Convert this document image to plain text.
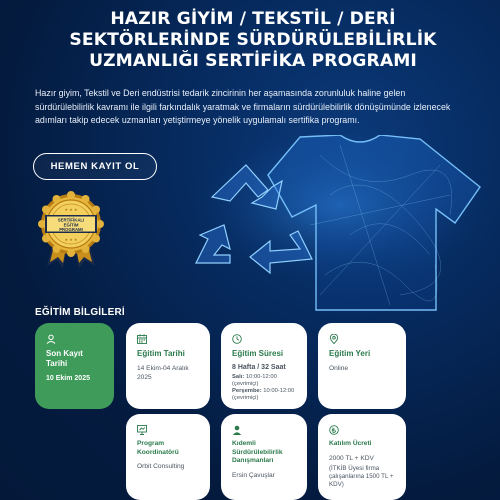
HAZIR GİYİM / TEKSTİL / DERİ SEKTÖRLERİNDE SÜRDÜRÜLEBİLİRLİK UZMANLIĞI SERTİFİKA PROGRAMI
Hazır giyim, Tekstil ve Deri endüstrisi tedarik zincirinin her aşamasında zorunluluk haline gelen sürdürülebilirlik kavramı ile ilgili farkındalık yaratmak ve firmaların sürdürülebilirlik dönüşümünde izlenecek adımları takip edecek uzmanları yetiştirmeye yönelik uygulamalı sertifika programı.
HEMEN KAYIT OL
SERTİFİKALI
EĞİTİM
PROGRAMI
★ ★ ★
★ ★ ★
EĞİTİM BİLGİLERİ
Son Kayıt Tarihi
10 Ekim 2025
Eğitim Tarihi
14 Ekim-04 Aralık 2025
Eğitim Süresi
8 Hafta / 32 Saat
Salı: 10:00-12:00 (çevrimiçi)
Perşembe: 10:00-12:00 (çevrimiçi)
Eğitim Yeri
Online
Program Koordinatörü
Orbit Consulting
Kıdemli Sürdürülebilirlik Danışmanları
Ersin Çavuşlar
Katılım Ücreti
2000 TL + KDV
(İTKİB Üyesi firma çalışanlarına 1500 TL + KDV)
